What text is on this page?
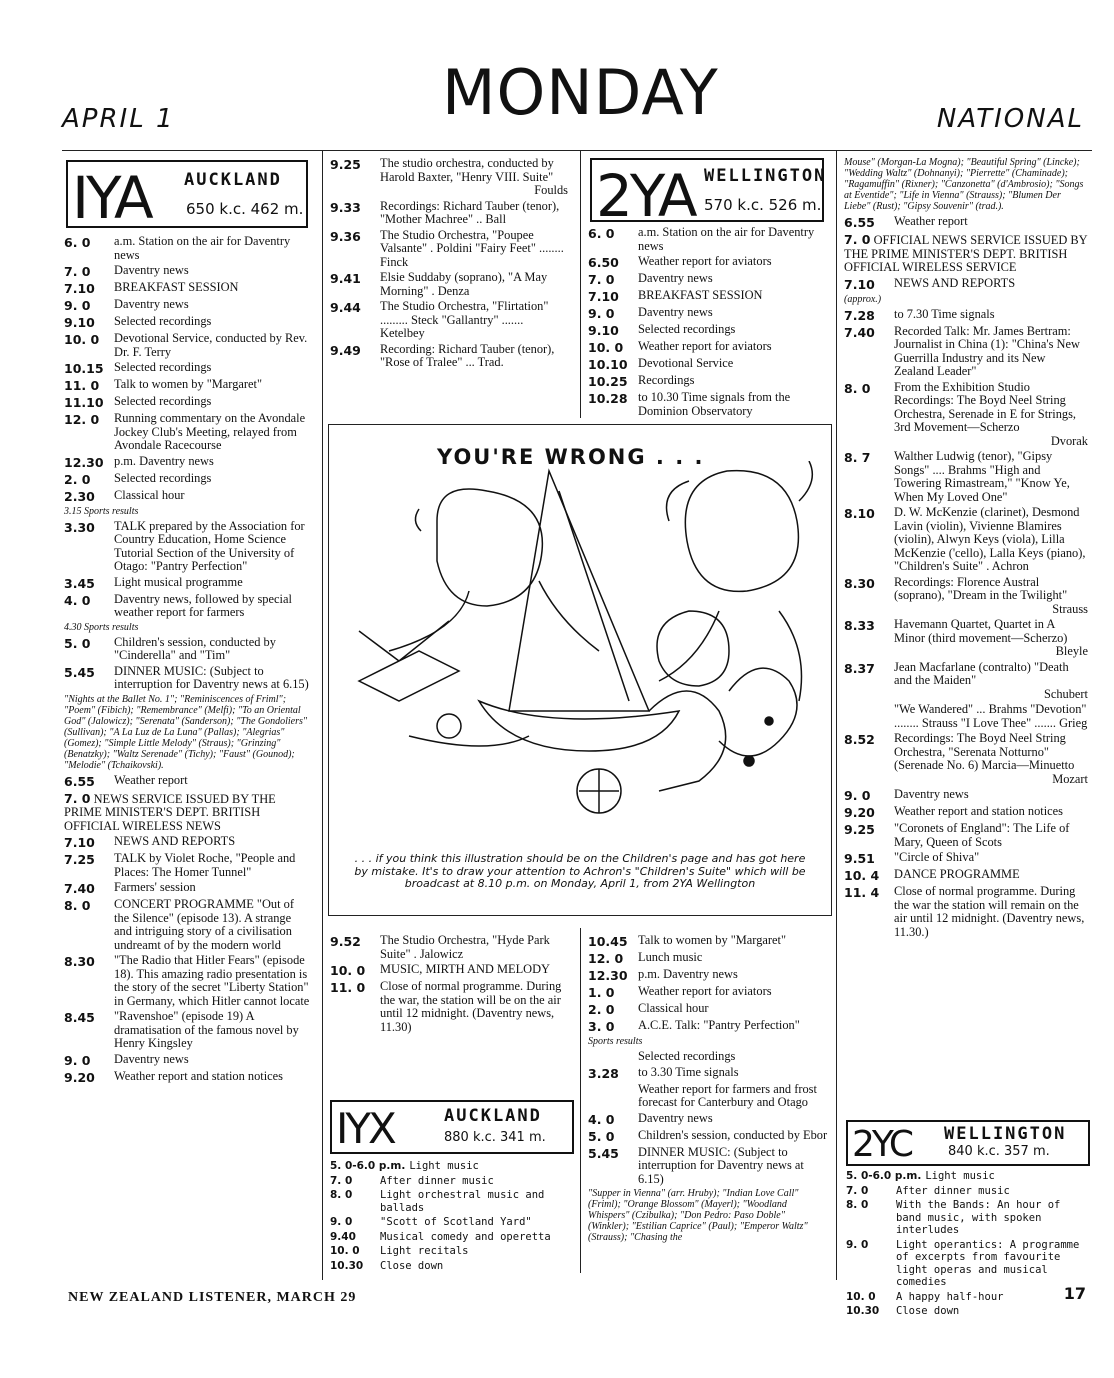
APRIL 1	MONDAY	NATIONAL
IYA AUCKLAND
650 k.c. 462 m.
6. 0	a.m. Station on the air for Daventry news
7. 0	Daventry news
7.10	BREAKFAST SESSION
9. 0	Daventry news
9.10	Selected recordings
10. 0	Devotional Service, conducted by Rev. Dr. F. Terry
10.15 Selected recordings
11. 0	Talk to women by "Margaret"
11.10 Selected recordings
12. 0	Running commentary on the Avondale Jockey Club's Meeting, relayed from Avondale Racecourse
12.30 p.m. Daventry news
2. 0	Selected recordings
2.30	Classical hour
3.15 Sports results
3.30	TALK prepared by the Association for Country Education, Home Science Tutorial Section of the University of Otago: "Pantry Perfection"
3.45	Light musical programme
4. 0	Daventry news, followed by special weather report for farmers
4.30 Sports results
5. 0	Children's session, conducted by "Cinderella" and "Tim"
5.45	DINNER MUSIC: (Subject to interruption for Daventry news at 6.15)
"Nights at the Ballet No. 1"; "Reminiscences of Friml"; "Poem" (Fibich); "Remembrance" (Melfi); "To an Oriental God" (Jalowicz); "Serenata" (Sanderson); "The Gondoliers" (Sullivan); "A La Luz de La Luna" (Pallas); "Alegrias" (Gomez); "Simple Little Melody" (Straus); "Grinzing" (Benatzky); "Waltz Serenade" (Tichy); "Faust" (Gounod); "Melodie" (Tchaikovski).
6.55	Weather report
7. 0 NEWS SERVICE ISSUED BY THE PRIME MINISTER'S DEPT. BRITISH OFFICIAL WIRELESS NEWS
7.10	NEWS AND REPORTS
7.25	TALK by Violet Roche, "People and Places: The Homer Tunnel"
7.40	Farmers' session
8. 0	CONCERT PROGRAMME "Out of the Silence" (episode 13). A strange and intriguing story of a civilisation undreamt of by the modern world
8.30	"The Radio that Hitler Fears" (episode 18). This amazing radio presentation is the story of the secret "Liberty Station" in Germany, which Hitler cannot locate
8.45	"Ravenshoe" (episode 19) A dramatisation of the famous novel by Henry Kingsley
9. 0	Daventry news
9.20	Weather report and station notices
9.25	The studio orchestra, conducted by Harold Baxter, "Henry VIII. Suite"
Foulds
9.33	Recordings: Richard Tauber (tenor), "Mother Machree" .. Ball
9.36	The Studio Orchestra, "Poupee Valsante" . Poldini "Fairy Feet" ........ Finck
9.41	Elsie Suddaby (soprano), "A May Morning" . Denza
9.44	The Studio Orchestra, "Flirtation" ......... Steck "Gallantry" ....... Ketelbey
9.49	Recording: Richard Tauber (tenor), "Rose of Tralee" ... Trad.
2YA WELLINGTON
570 k.c. 526 m.
6. 0	a.m. Station on the air for Daventry news
6.50	Weather report for aviators
7. 0	Daventry news
7.10	BREAKFAST SESSION
9. 0	Daventry news
9.10	Selected recordings
10. 0	Weather report for aviators
10.10 Devotional Service
10.25 Recordings
10.28 to 10.30 Time signals from the Dominion Observatory
YOU'RE WRONG . . .
. . . if you think this illustration should be on the Children's page and has got here by mistake. It's to draw your attention to Achron's "Children's Suite" which will be broadcast at 8.10 p.m. on Monday, April 1, from 2YA Wellington
9.52	The Studio Orchestra, "Hyde Park Suite" . Jalowicz
10. 0	MUSIC, MIRTH AND MELODY
11. 0	Close of normal programme. During the war, the station will be on the air until 12 midnight. (Daventry news, 11.30)
IYX	AUCKLAND
880 k.c. 341 m.
5. 0-6.0 p.m. Light music
7. 0	After dinner music
8. 0	Light orchestral music and ballads
9. 0	"Scott of Scotland Yard"
9.40	Musical comedy and operetta
10. 0	Light recitals
10.30	Close down
10.45 Talk to women by "Margaret"
12. 0	Lunch music
12.30 p.m. Daventry news
1. 0	Weather report for aviators
2. 0	Classical hour
3. 0	A.C.E. Talk: "Pantry Perfection"
Sports results
Selected recordings
3.28	to 3.30 Time signals
Weather report for farmers and frost forecast for Canterbury and Otago
4. 0	Daventry news
5. 0	Children's session, conducted by Ebor
5.45	DINNER MUSIC: (Subject to interruption for Daventry news at 6.15)
"Supper in Vienna" (arr. Hruby); "Indian Love Call" (Friml); "Orange Blossom" (Mayerl); "Woodland Whispers" (Czibulka); "Don Pedro: Paso Doble" (Winkler); "Estilian Caprice" (Paul); "Emperor Waltz" (Strauss); "Chasing the
Mouse" (Morgan-La Mogna); "Beautiful Spring" (Lincke); "Wedding Waltz" (Dohnanyi); "Pierrette" (Chaminade); "Ragamuffin" (Rixner); "Canzonetta" (d'Ambrosio); "Songs at Eventide"; "Life in Vienna" (Strauss); "Blumen Der Liebe" (Rust); "Gipsy Souvenir" (trad.).
6.55	Weather report
7. 0 OFFICIAL NEWS SERVICE ISSUED BY THE PRIME MINISTER'S DEPT. BRITISH OFFICIAL WIRELESS SERVICE
7.10	NEWS AND REPORTS
(approx.)
7.28	to 7.30 Time signals
7.40	Recorded Talk: Mr. James Bertram: Journalist in China (1): "China's New Guerrilla Industry and its New Zealand Leader"
8. 0	From the Exhibition Studio Recordings: The Boyd Neel String Orchestra, Serenade in E for Strings, 3rd Movement—Scherzo
Dvorak
8. 7	Walther Ludwig (tenor), "Gipsy Songs" .... Brahms "High and Towering Rimastream," "Know Ye, When My Loved One"
8.10	D. W. McKenzie (clarinet), Desmond Lavin (violin), Vivienne Blamires (violin), Alwyn Keys (viola), Lilla McKenzie ('cello), Lalla Keys (piano), "Children's Suite" . Achron
8.30	Recordings: Florence Austral (soprano), "Dream in the Twilight"
Strauss
8.33	Havemann Quartet, Quartet in A Minor (third movement—Scherzo)
Bleyle
8.37	Jean Macfarlane (contralto) "Death and the Maiden"
Schubert
"We Wandered" ... Brahms "Devotion" ........ Strauss "I Love Thee" ....... Grieg
8.52	Recordings: The Boyd Neel String Orchestra, "Serenata Notturno" (Serenade No. 6) Marcia—Minuetto
Mozart
9. 0	Daventry news
9.20	Weather report and station notices
9.25	"Coronets of England": The Life of Mary, Queen of Scots
9.51	"Circle of Shiva"
10. 4	DANCE PROGRAMME
11. 4	Close of normal programme. During the war the station will remain on the air until 12 midnight. (Daventry news, 11.30.)
2YC WELLINGTON
840 k.c. 357 m.
5. 0-6.0 p.m. Light music
7. 0	After dinner music
8. 0	With the Bands: An hour of band music, with spoken interludes
9. 0	Light operantics: A programme of excerpts from favourite light operas and musical comedies
10. 0	A happy half-hour
10.30	Close down
NEW ZEALAND LISTENER, MARCH 29	17
